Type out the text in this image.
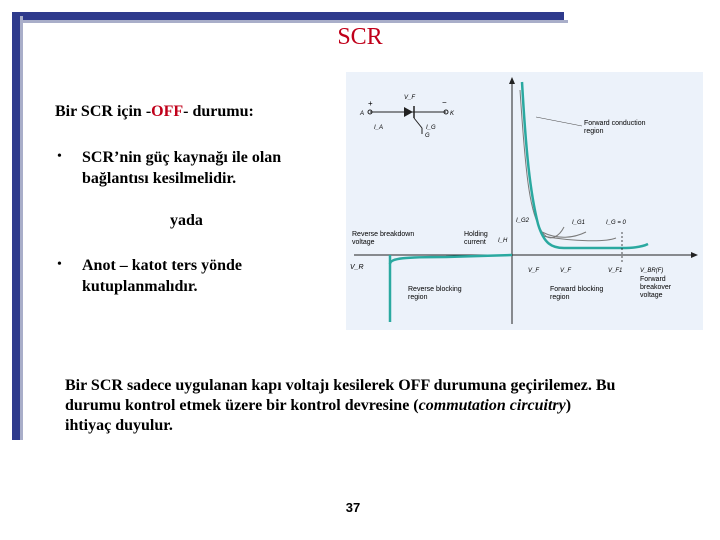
SCR
Bir SCR için -OFF- durumu:
• SCR’nin güç kaynağı ile olan
bağlantısı kesilmelidir.
yada
• Anot – katot ters yönde
kutuplanmalıdır.
V_R
+	−
A	K
G
V_F
I_A	I_G
Forward conduction
region
Reverse breakdown
voltage
Holding
current
I_G2	I_G1	I_G = 0
I_H
V_F	V_F	V_F1	V_BR(F)
Reverse blocking
region
Forward blocking
region
Forward
breakover
voltage
Bir SCR sadece uygulanan kapı voltajı kesilerek OFF durumuna geçirilemez. Bu
durumu kontrol etmek üzere bir kontrol devresine (commutation circuitry)
ihtiyaç duyulur.
37
